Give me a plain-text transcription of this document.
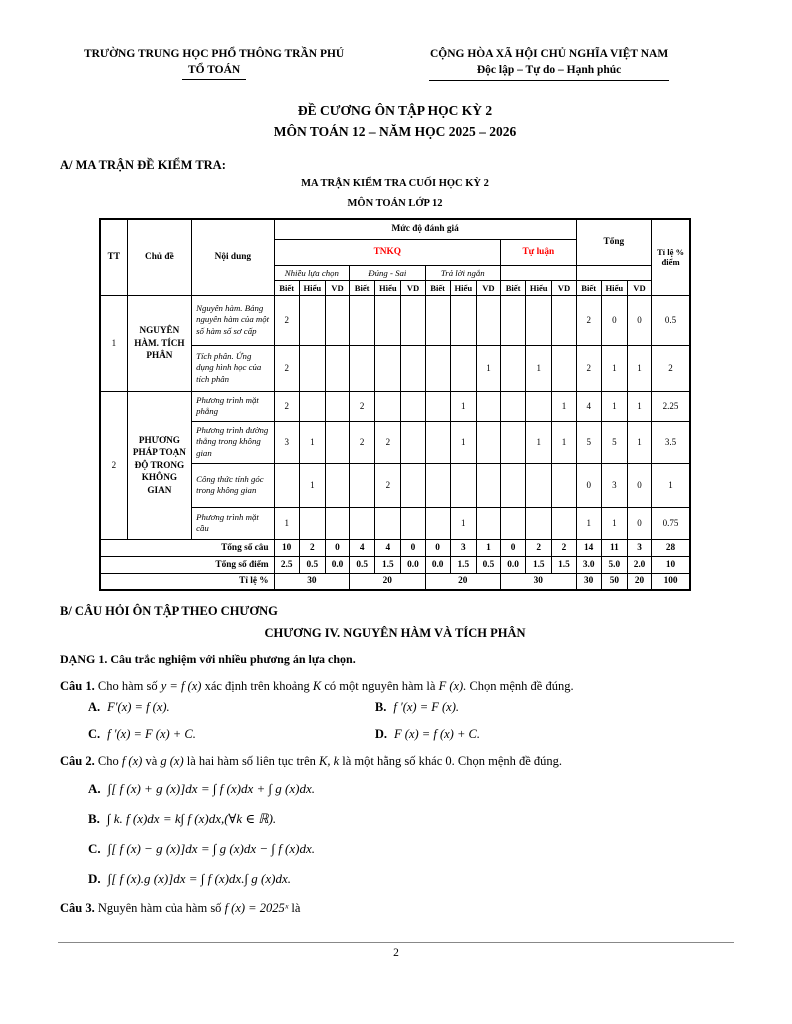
TRƯỜNG TRUNG HỌC PHỔ THÔNG TRẦN PHÚ
TỔ TOÁN
CỘNG HÒA XÃ HỘI CHỦ NGHĨA VIỆT NAM
Độc lập – Tự do – Hạnh phúc
ĐỀ CƯƠNG ÔN TẬP HỌC KỲ 2
MÔN TOÁN 12 – NĂM HỌC 2025 – 2026
A/ MA TRẬN ĐỀ KIỂM TRA:
MA TRẬN KIỂM TRA CUỐI HỌC KỲ 2
MÔN TOÁN LỚP 12
TT	Chủ đề	Nội dung	Mức độ đánh giá												Tổng			Tỉ lệ % điểm
			TNKQ									Tự luận						
			Nhiều lựa chọn			Đúng - Sai			Trả lời ngắn									
			Biết	Hiểu	VD	Biết	Hiểu	VD	Biết	Hiểu	VD	Biết	Hiểu	VD	Biết	Hiểu	VD	
1	NGUYÊN HÀM. TÍCH PHÂN	Nguyên hàm. Bảng nguyên hàm của một số hàm số sơ cấp	2												2	0	0	0.5
		Tích phân. Ứng dụng hình học của tích phân	2								1		1		2	1	1	2
2	PHƯƠNG PHÁP TOẠN ĐỘ TRONG KHÔNG GIAN	Phương trình mặt phẳng	2			2				1				1	4	1	1	2.25
		Phương trình đường thẳng trong không gian	3	1		2	2			1			1	1	5	5	1	3.5
		Công thức tính góc trong không gian		1			2								0	3	0	1
		Phương trình mặt cầu	1							1					1	1	0	0.75
Tổng số câu			10	2	0	4	4	0	0	3	1	0	2	2	14	11	3	28
Tổng số điểm			2.5	0.5	0.0	0.5	1.5	0.0	0.0	1.5	0.5	0.0	1.5	1.5	3.0	5.0	2.0	10
Tỉ lệ %			30			20			20			30			30	50	20	100
B/ CÂU HỎI ÔN TẬP THEO CHƯƠNG
CHƯƠNG IV. NGUYÊN HÀM VÀ TÍCH PHÂN
DẠNG 1. Câu trắc nghiệm với nhiều phương án lựa chọn.
Câu 1. Cho hàm số y = f (x) xác định trên khoảng K có một nguyên hàm là F (x). Chọn mệnh đề đúng.
A. F′(x) = f (x).
C. f ′(x) = F (x) + C.
B. f ′(x) = F (x).
D. F (x) = f (x) + C.
Câu 2. Cho f (x) và g (x) là hai hàm số liên tục trên K, k là một hằng số khác 0. Chọn mệnh đề đúng.
A. ∫[ f (x) + g (x)]dx = ∫ f (x)dx + ∫ g (x)dx.
B. ∫ k. f (x)dx = k∫ f (x)dx,(∀k ∈ ℝ).
C. ∫[ f (x) − g (x)]dx = ∫ g (x)dx − ∫ f (x)dx.
D. ∫[ f (x).g (x)]dx = ∫ f (x)dx.∫ g (x)dx.
Câu 3. Nguyên hàm của hàm số f (x) = 2025ˣ là
2
